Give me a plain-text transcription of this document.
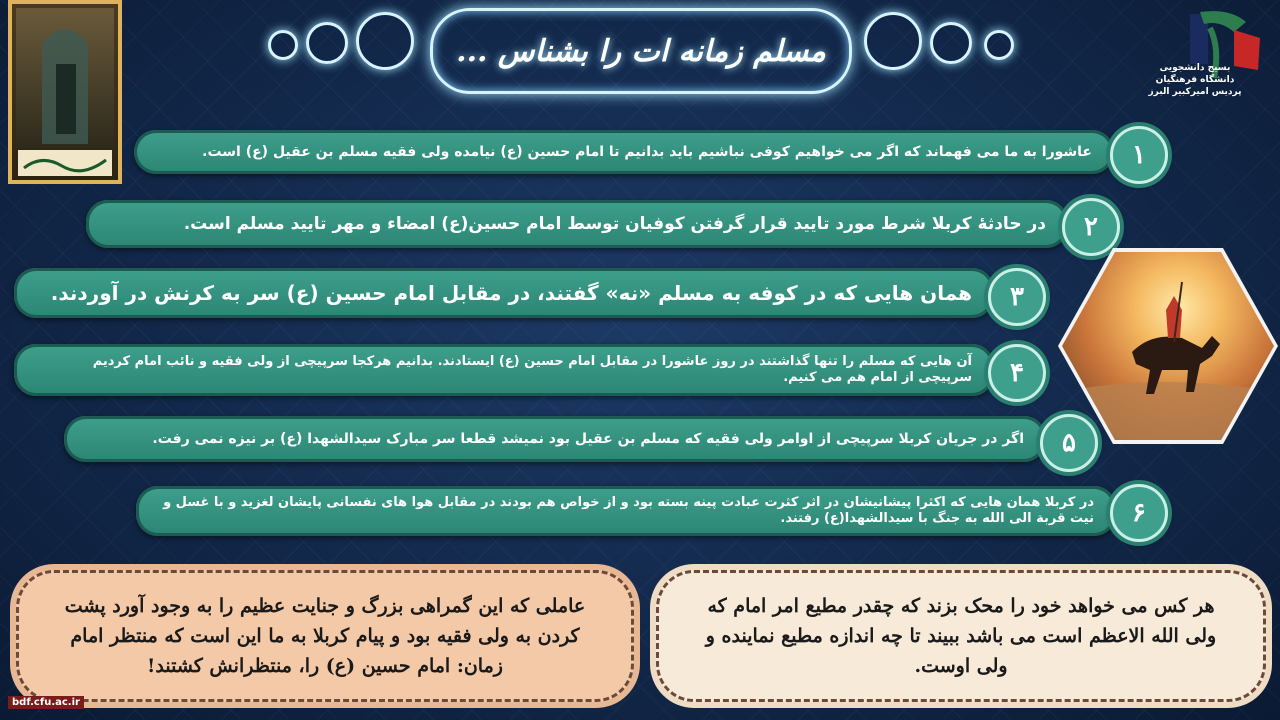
مسلم زمانه ات را بشناس ...	بسیج دانشجویی
دانشگاه فرهنگیان
پردیس امیرکبیر البرز
عاشورا به ما می فهماند که اگر می خواهیم کوفی نباشیم باید بدانیم تا امام حسین (ع) نیامده ولی فقیه مسلم بن عقیل (ع) است.	۱
در حادثۀ کربلا شرط مورد تایید قرار گرفتن کوفیان توسط امام حسین(ع) امضاء و مهر تایید مسلم است.	۲
همان هایی که در کوفه به مسلم «نه» گفتند، در مقابل امام حسین (ع) سر به کرنش در آوردند.	۳
آن هایی که مسلم را تنها گذاشتند در روز عاشورا در مقابل امام حسین (ع) ایستادند. بدانیم هرکجا سرپیچی از ولی فقیه و نائب امام کردیم سرپیچی از امام هم می کنیم.	۴
اگر در جریان کربلا سرپیچی از اوامر ولی فقیه که مسلم بن عقیل بود نمیشد قطعا سر مبارک سیدالشهدا (ع) بر نیزه نمی رفت.	۵
در کربلا همان هایی که اکثرا پیشانیشان در اثر کثرت عبادت پینه بسته بود و از خواص هم بودند در مقابل هوا های نفسانی پایشان لغزید و با غسل و نیت قربة الی الله به جنگ با سیدالشهدا(ع) رفتند.	۶
عاملی که این گمراهی بزرگ و جنایت عظیم را به وجود آورد پشت کردن به ولی فقیه بود و پیام کربلا به ما این است که منتظر امام زمان: امام حسین (ع) را، منتظرانش کشتند!
هر کس می خواهد خود را محک بزند که چقدر مطیع امر امام که ولی الله الاعظم است می باشد ببیند تا چه اندازه مطیع نماینده و ولی اوست.
bdf.cfu.ac.ir
